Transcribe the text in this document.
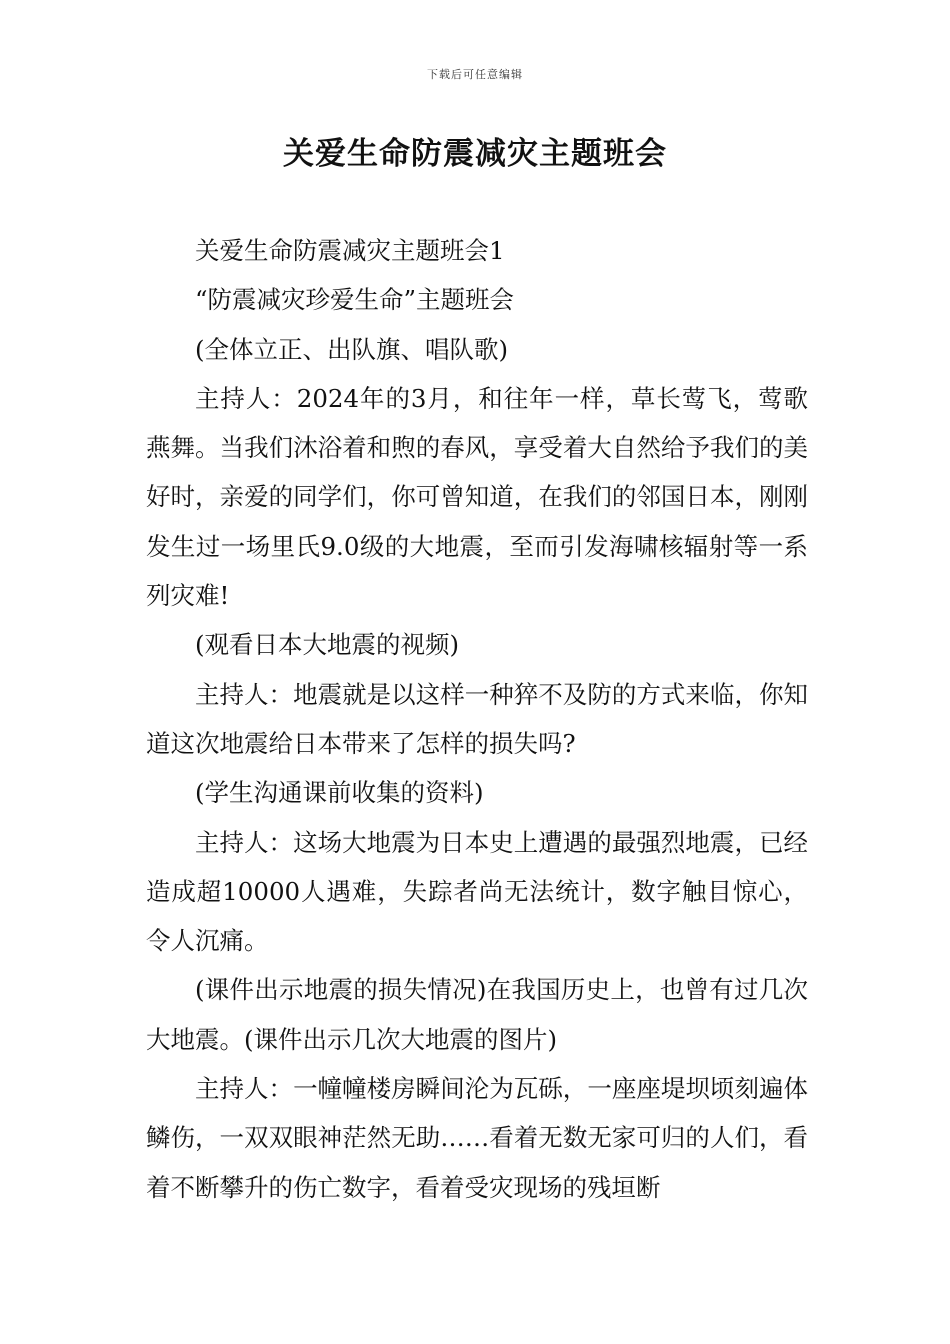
下载后可任意编辑
关爱生命防震减灾主题班会

关爱生命防震减灾主题班会1

“防震减灾珍爱生命”主题班会

(全体立正、出队旗、唱队歌)

主持人：2024年的3月，和往年一样，草长莺飞，莺歌燕舞。当我们沐浴着和煦的春风，享受着大自然给予我们的美好时，亲爱的同学们，你可曾知道，在我们的邻国日本，刚刚发生过一场里氏9.0级的大地震，至而引发海啸核辐射等一系列灾难!

(观看日本大地震的视频)

主持人：地震就是以这样一种猝不及防的方式来临，你知道这次地震给日本带来了怎样的损失吗?

(学生沟通课前收集的资料)

主持人：这场大地震为日本史上遭遇的最强烈地震，已经造成超10000人遇难，失踪者尚无法统计，数字触目惊心，令人沉痛。

(课件出示地震的损失情况)在我国历史上，也曾有过几次大地震。(课件出示几次大地震的图片)

主持人：一幢幢楼房瞬间沦为瓦砾，一座座堤坝顷刻遍体鳞伤，一双双眼神茫然无助……看着无数无家可归的人们，看着不断攀升的伤亡数字，看着受灾现场的残垣断
